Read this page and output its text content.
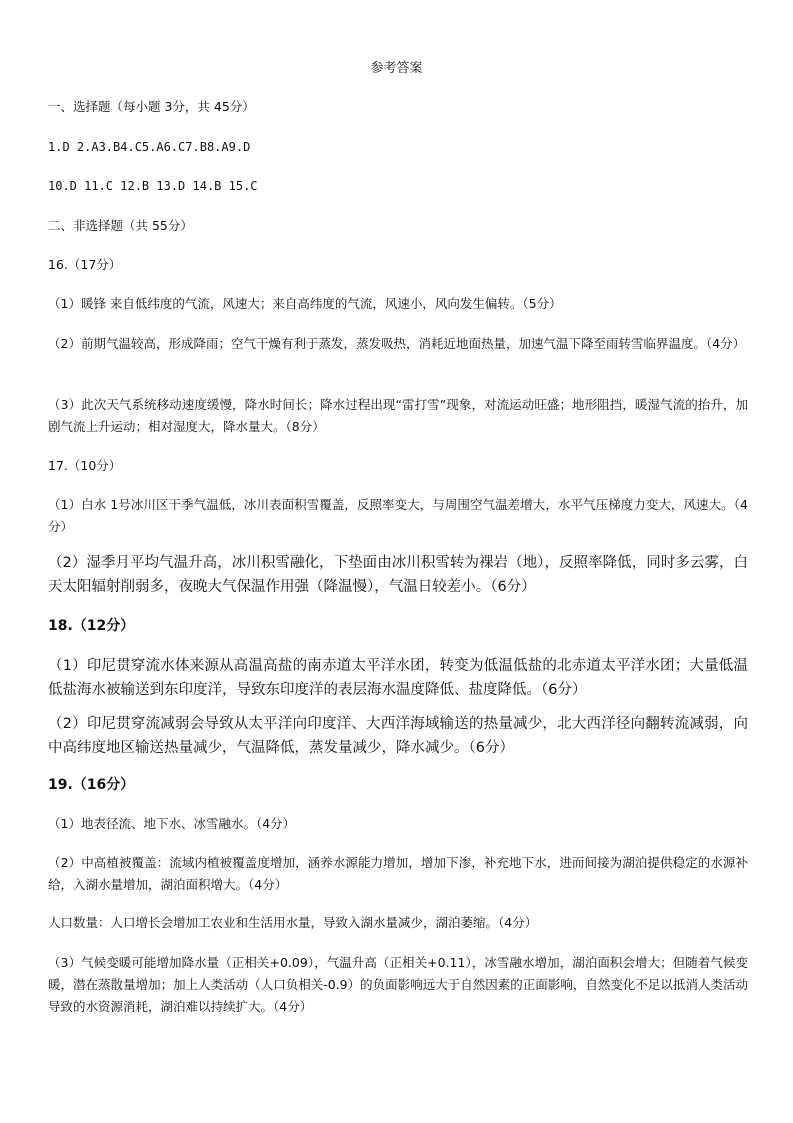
参考答案
一、选择题（每小题 3分，共 45分）
1.D 2.A3.B4.C5.A6.C7.B8.A9.D
10.D 11.C 12.B 13.D 14.B 15.C
二、非选择题（共 55分）
16.（17分）
（1）暖锋 来自低纬度的气流，风速大；来自高纬度的气流，风速小，风向发生偏转。（5分）
（2）前期气温较高，形成降雨；空气干燥有利于蒸发，蒸发吸热，消耗近地面热量，加速气温下降至雨转雪临界温度。（4分）
（3）此次天气系统移动速度缓慢，降水时间长；降水过程出现“雷打雪”现象，对流运动旺盛；地形阻挡，暖湿气流的抬升，加剧气流上升运动；相对湿度大，降水量大。（8分）
17.（10分）
（1）白水 1号冰川区干季气温低，冰川表面积雪覆盖，反照率变大，与周围空气温差增大，水平气压梯度力变大，风速大。（4分）
（2）湿季月平均气温升高，冰川积雪融化，下垫面由冰川积雪转为裸岩（地），反照率降低，同时多云雾，白天太阳辐射削弱多，夜晚大气保温作用强（降温慢），气温日较差小。（6分）
18.（12分）
（1）印尼贯穿流水体来源从高温高盐的南赤道太平洋水团，转变为低温低盐的北赤道太平洋水团；大量低温低盐海水被输送到东印度洋，导致东印度洋的表层海水温度降低、盐度降低。（6分）
（2）印尼贯穿流减弱会导致从太平洋向印度洋、大西洋海域输送的热量减少，北大西洋径向翻转流减弱，向中高纬度地区输送热量减少，气温降低，蒸发量减少，降水减少。（6分）
19.（16分）
（1）地表径流、地下水、冰雪融水。（4分）
（2）中高植被覆盖：流域内植被覆盖度增加，涵养水源能力增加，增加下渗，补充地下水，进而间接为湖泊提供稳定的水源补给，入湖水量增加，湖泊面积增大。（4分）
人口数量：人口增长会增加工农业和生活用水量，导致入湖水量减少，湖泊萎缩。（4分）
（3）气候变暖可能增加降水量（正相关+0.09），气温升高（正相关+0.11），冰雪融水增加，湖泊面积会增大；但随着气候变暖，潜在蒸散量增加；加上人类活动（人口负相关-0.9）的负面影响远大于自然因素的正面影响，自然变化不足以抵消人类活动导致的水资源消耗，湖泊难以持续扩大。（4分）
